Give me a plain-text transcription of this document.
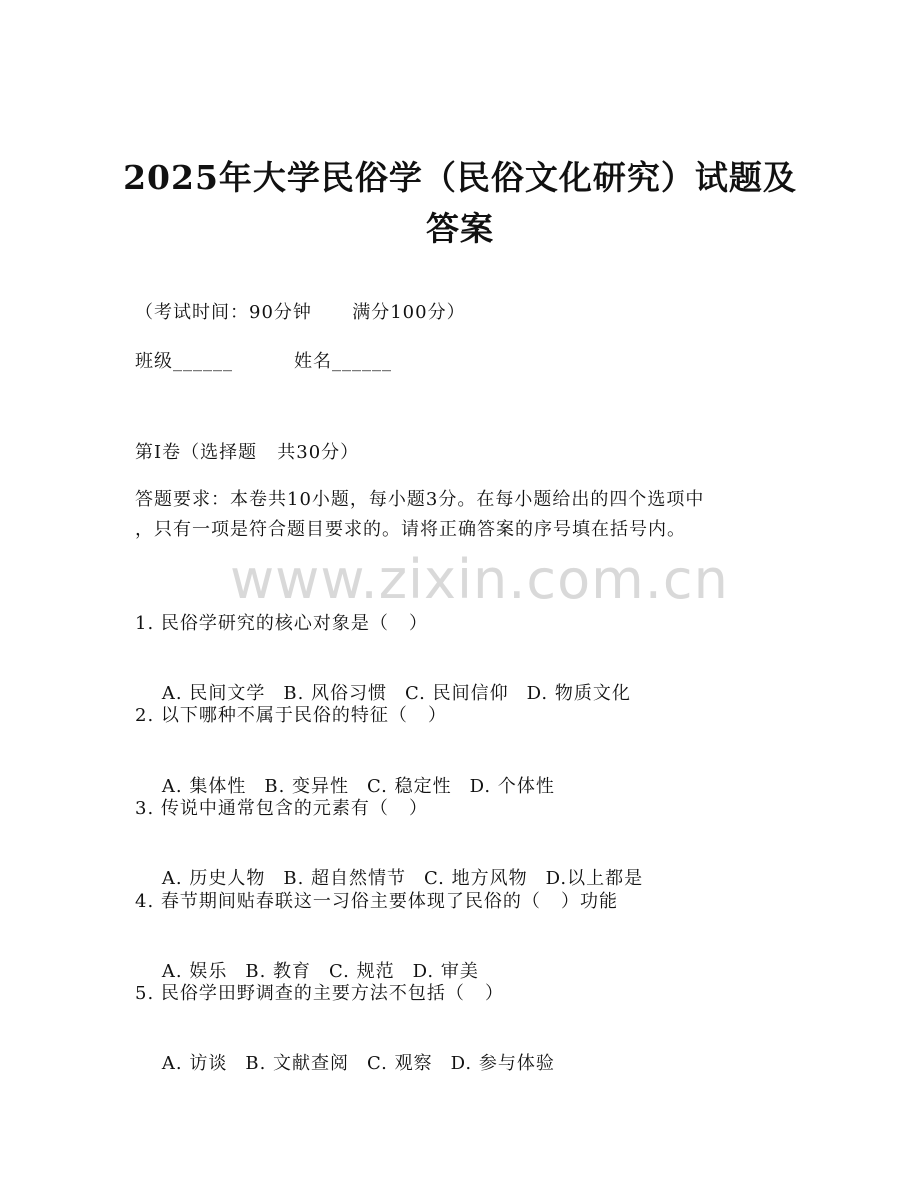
2025年大学民俗学（民俗文化研究）试题及
答案
（考试时间：90分钟      满分100分）
班级______	姓名______
第I卷（选择题   共30分）
答题要求：本卷共10小题，每小题3分。在每小题给出的四个选项中
，只有一项是符合题目要求的。请将正确答案的序号填在括号内。
www.zixin.com.cn
1. 民俗学研究的核心对象是（   ）

A. 民间文学 B. 风俗习惯 C. 民间信仰 D. 物质文化

2. 以下哪种不属于民俗的特征（   ）

A. 集体性 B. 变异性 C. 稳定性 D. 个体性

3. 传说中通常包含的元素有（   ）

A. 历史人物 B. 超自然情节 C. 地方风物 D.以上都是

4. 春节期间贴春联这一习俗主要体现了民俗的（   ）功能

A. 娱乐 B. 教育 C. 规范 D. 审美

5. 民俗学田野调查的主要方法不包括（   ）

A. 访谈 B. 文献查阅 C. 观察 D. 参与体验
